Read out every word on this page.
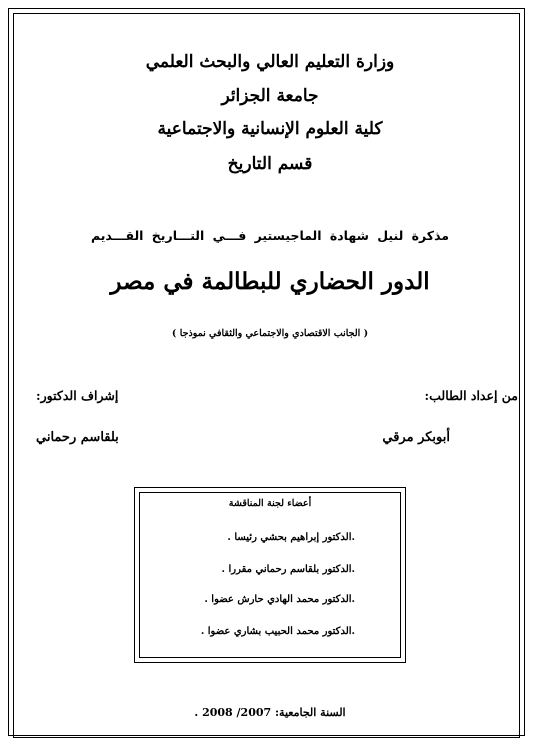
وزارة التعليم العالي والبحث العلمي
جامعة الجزائر
كلية العلوم الإنسانية والاجتماعية
قسم التاريخ
مذكرة لنيل شهادة الماجيستير فـــي التـــاريخ القـــديم
الدور الحضاري للبطالمة في مصر
( الجانب الاقتصادي والاجتماعي والثقافي نموذجا )
من إعداد الطالب:
إشراف الدكتور:
أبوبكر مرقي
بلقاسم رحماني
أعضاء لجنة المناقشة
.الدكتور إبراهيم بحشي رئيسا .
.الدكتور بلقاسم رحماني مقررا .
.الدكتور محمد الهادي حارش عضوا .
.الدكتور محمد الحبيب بشاري عضوا .
السنة الجامعية: 2007/ 2008 .
